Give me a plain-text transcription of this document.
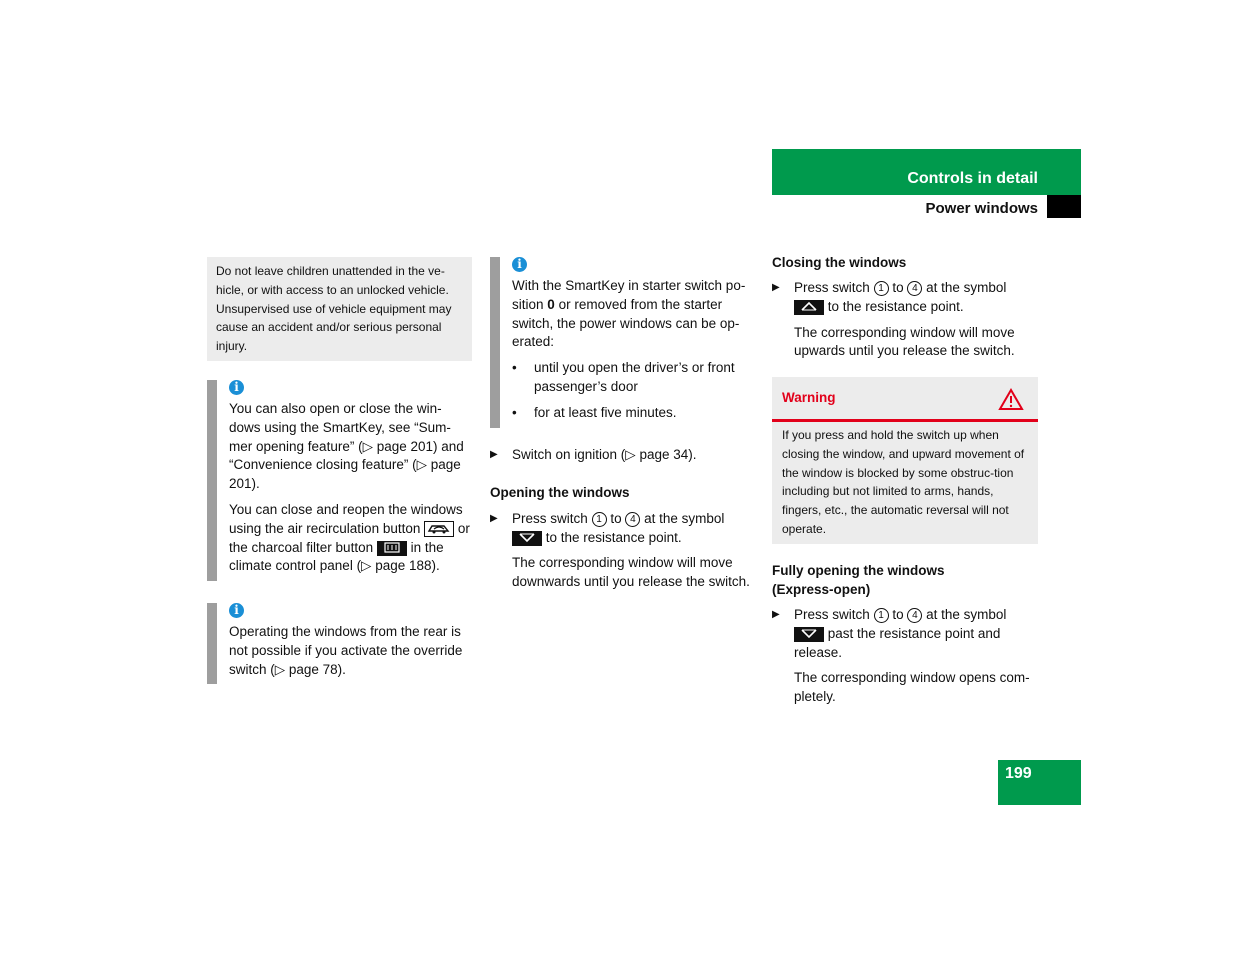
Controls in detail
Power windows
Do not leave children unattended in the ve-hicle, or with access to an unlocked vehicle. Unsupervised use of vehicle equipment may cause an accident and/or serious personal injury.
i

You can also open or close the win-dows using the SmartKey, see “Sum-mer opening feature” (▷ page 201) and “Convenience closing feature” (▷ page 201).

You can close and reopen the windows using the air recirculation button	or the charcoal filter button	in the climate control panel (▷ page 188).

i

Operating the windows from the rear is not possible if you activate the override switch (▷ page 78).

i

With the SmartKey in starter switch po-sition 0 or removed from the starter switch, the power windows can be op-erated:

• until you open the driver’s or front passenger’s door
• for at least five minutes.
▶ Switch on ignition (▷ page 34).
Opening the windows
▶ Press switch 1 to 4 at the symbol
to the resistance point.
The corresponding window will move downwards until you release the switch.
Closing the windows
▶ Press switch 1 to 4 at the symbol
to the resistance point.
The corresponding window will move upwards until you release the switch.
Warning
If you press and hold the switch up when closing the window, and upward movement of the window is blocked by some obstruc-tion including but not limited to arms, hands, fingers, etc., the automatic reversal will not operate.
Fully opening the windows
(Express-open)
▶ Press switch 1 to 4 at the symbol
past the resistance point and release.
The corresponding window opens com-pletely.
199
